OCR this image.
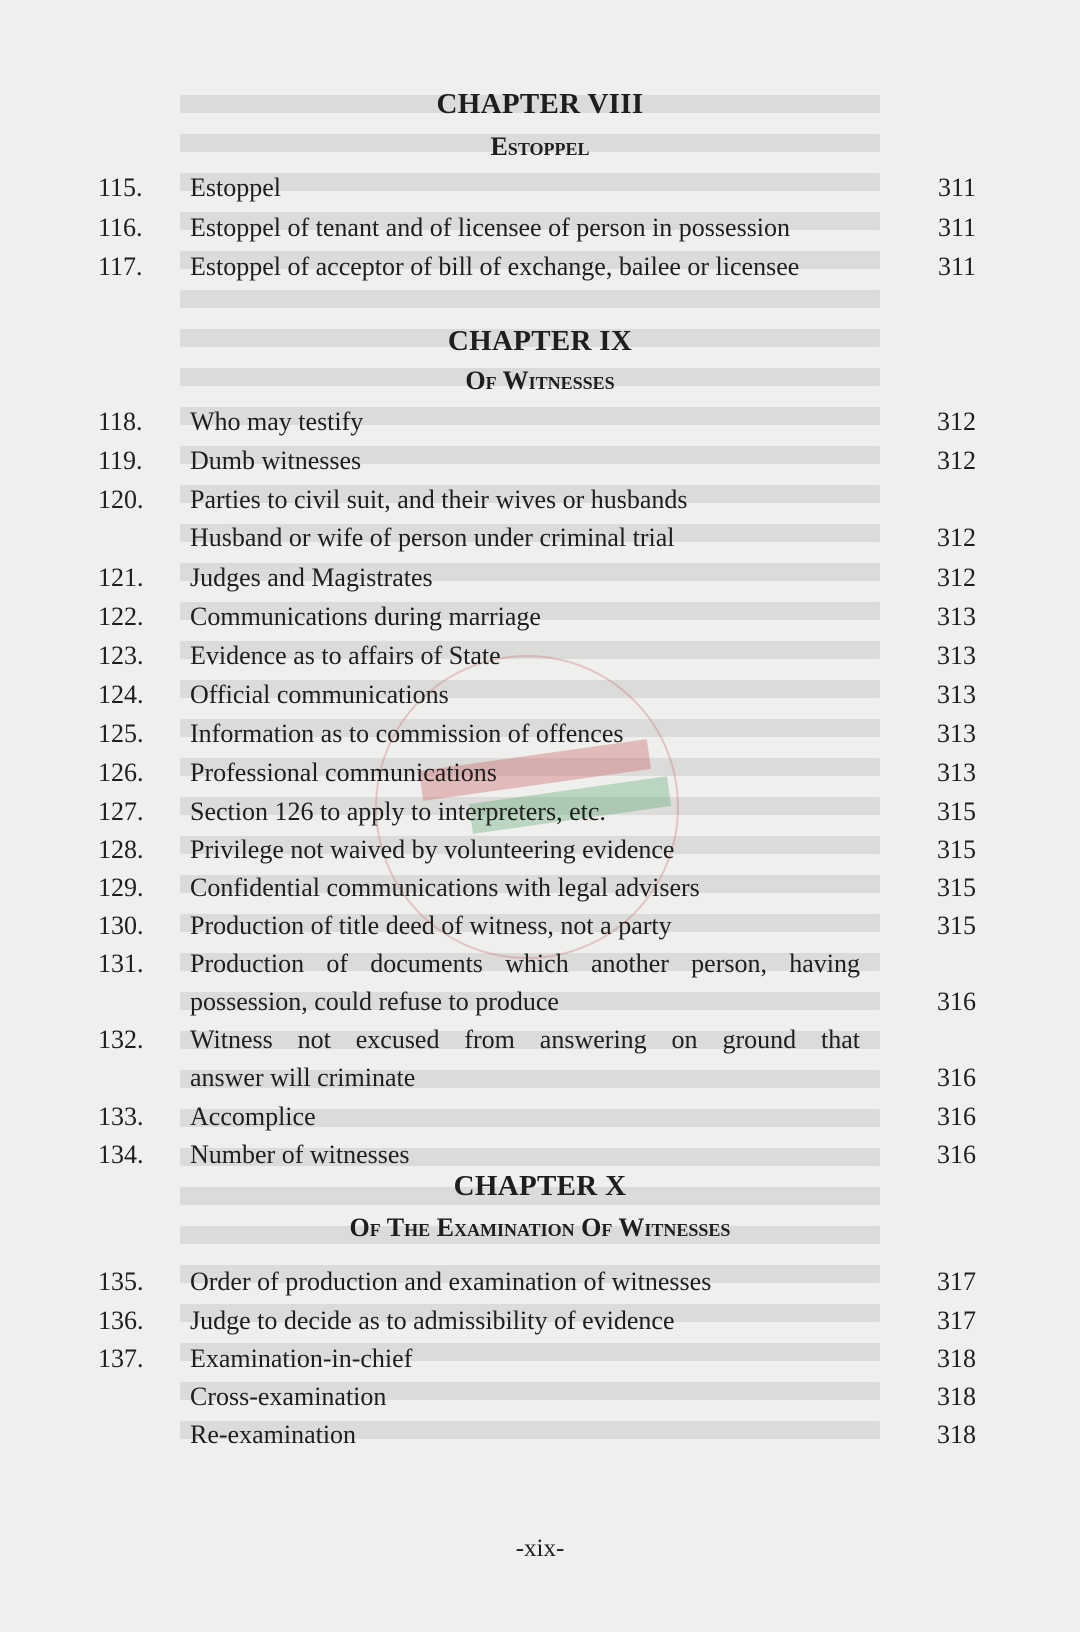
CHAPTER VIII
Estoppel
115. Estoppel	311
116. Estoppel of tenant and of licensee of person in possession	311
117. Estoppel of acceptor of bill of exchange, bailee or licensee	311
CHAPTER IX
Of Witnesses
118. Who may testify	312
119. Dumb witnesses	312
120. Parties to civil suit, and their wives or husbands
Husband or wife of person under criminal trial	312
121. Judges and Magistrates	312
122. Communications during marriage	313
123. Evidence as to affairs of State	313
124. Official communications	313
125. Information as to commission of offences	313
126. Professional communications	313
127. Section 126 to apply to interpreters, etc.	315
128. Privilege not waived by volunteering evidence	315
129. Confidential communications with legal advisers	315
130. Production of title deed of witness, not a party	315
131. Production of documents which another person, having
possession, could refuse to produce	316
132. Witness not excused from answering on ground that
answer will criminate	316
133. Accomplice	316
134. Number of witnesses	316
CHAPTER X
Of The Examination Of Witnesses
135. Order of production and examination of witnesses	317
136. Judge to decide as to admissibility of evidence	317
137. Examination-in-chief	318
Cross-examination	318
Re-examination	318
-xix-
